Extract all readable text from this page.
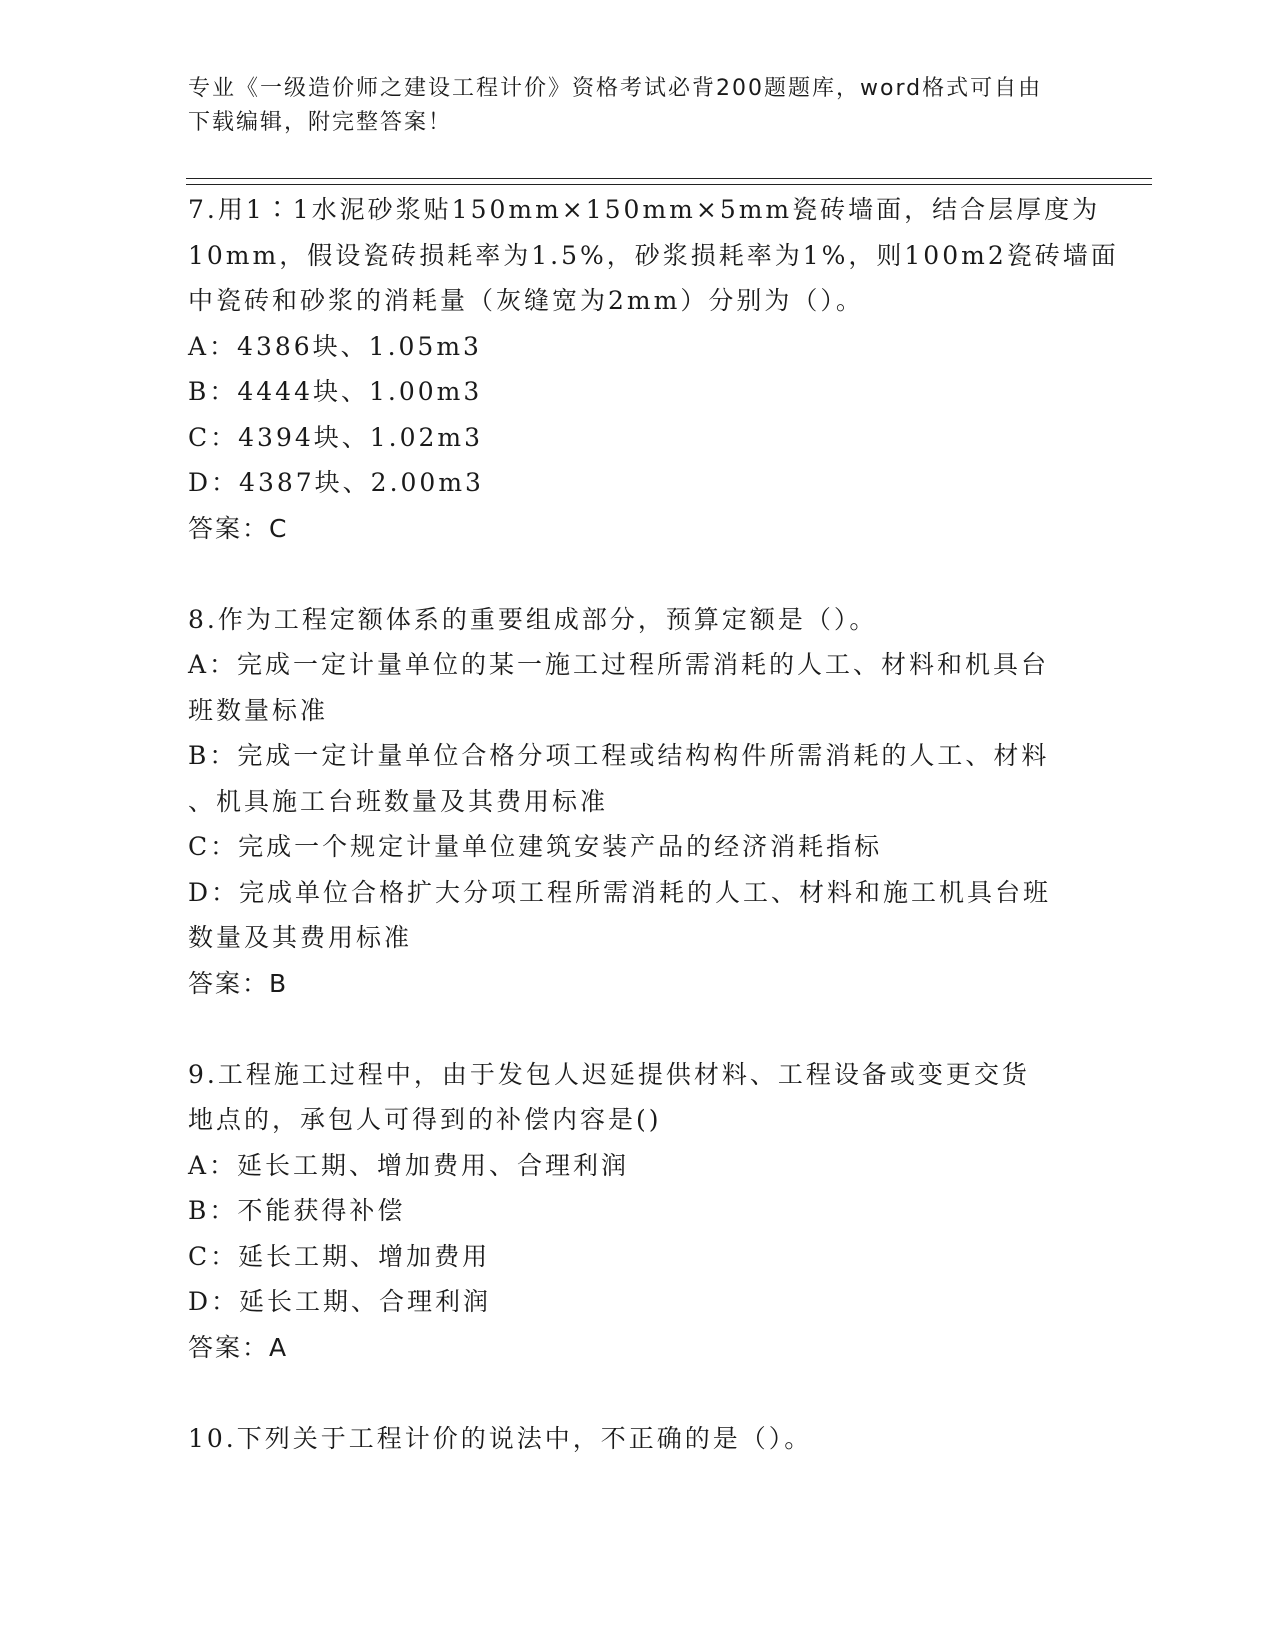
专业《一级造价师之建设工程计价》资格考试必背200题题库，word格式可自由
下载编辑，附完整答案！
7.用1∶1水泥砂浆贴150mm×150mm×5mm瓷砖墙面，结合层厚度为
10mm，假设瓷砖损耗率为1.5%，砂浆损耗率为1%，则100m2瓷砖墙面
中瓷砖和砂浆的消耗量（灰缝宽为2mm）分别为（）。
A：4386块、1.05m3
B：4444块、1.00m3
C：4394块、1.02m3
D：4387块、2.00m3
答案：C
8.作为工程定额体系的重要组成部分，预算定额是（）。
A：完成一定计量单位的某一施工过程所需消耗的人工、材料和机具台
班数量标准
B：完成一定计量单位合格分项工程或结构构件所需消耗的人工、材料
、机具施工台班数量及其费用标准
C：完成一个规定计量单位建筑安装产品的经济消耗指标
D：完成单位合格扩大分项工程所需消耗的人工、材料和施工机具台班
数量及其费用标准
答案：B
9.工程施工过程中，由于发包人迟延提供材料、工程设备或变更交货
地点的，承包人可得到的补偿内容是()
A：延长工期、增加费用、合理利润
B：不能获得补偿
C：延长工期、增加费用
D：延长工期、合理利润
答案：A
10.下列关于工程计价的说法中，不正确的是（）。
